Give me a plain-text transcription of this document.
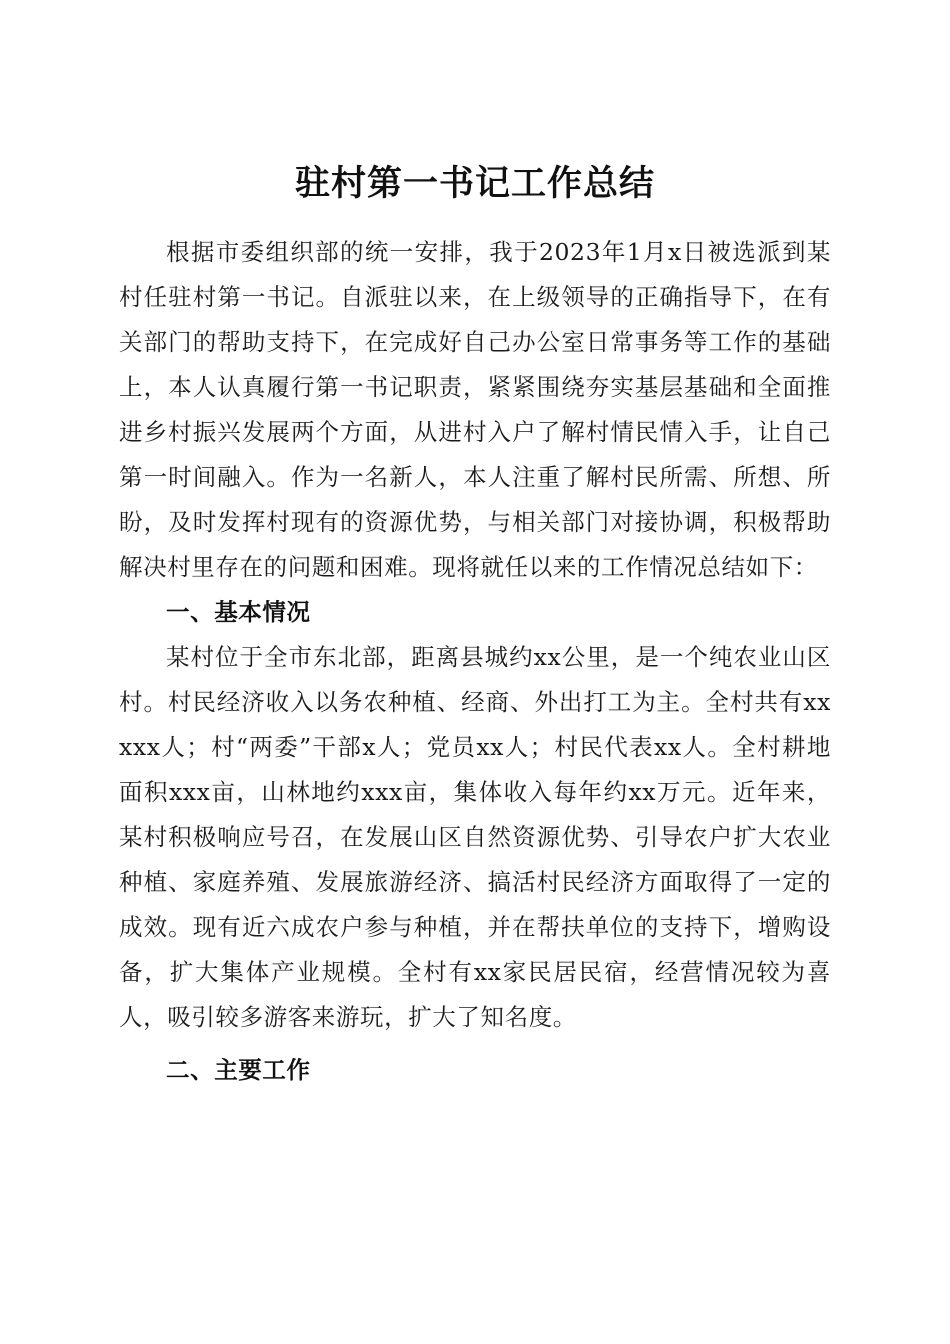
驻村第一书记工作总结

根据市委组织部的统一安排，我于2023年1月x日被选派到某村任驻村第一书记。自派驻以来，在上级领导的正确指导下，在有关部门的帮助支持下，在完成好自己办公室日常事务等工作的基础上，本人认真履行第一书记职责，紧紧围绕夯实基层基础和全面推进乡村振兴发展两个方面，从进村入户了解村情民情入手，让自己第一时间融入。作为一名新人，本人注重了解村民所需、所想、所盼，及时发挥村现有的资源优势，与相关部门对接协调，积极帮助解决村里存在的问题和困难。现将就任以来的工作情况总结如下：

一、基本情况

某村位于全市东北部，距离县城约xx公里，是一个纯农业山区村。村民经济收入以务农种植、经商、外出打工为主。全村共有xxxxx人；村“两委”干部x人；党员xx人；村民代表xx人。全村耕地面积xxx亩，山林地约xxx亩，集体收入每年约xx万元。近年来，某村积极响应号召，在发展山区自然资源优势、引导农户扩大农业种植、家庭养殖、发展旅游经济、搞活村民经济方面取得了一定的成效。现有近六成农户参与种植，并在帮扶单位的支持下，增购设备，扩大集体产业规模。全村有xx家民居民宿，经营情况较为喜人，吸引较多游客来游玩，扩大了知名度。

二、主要工作
